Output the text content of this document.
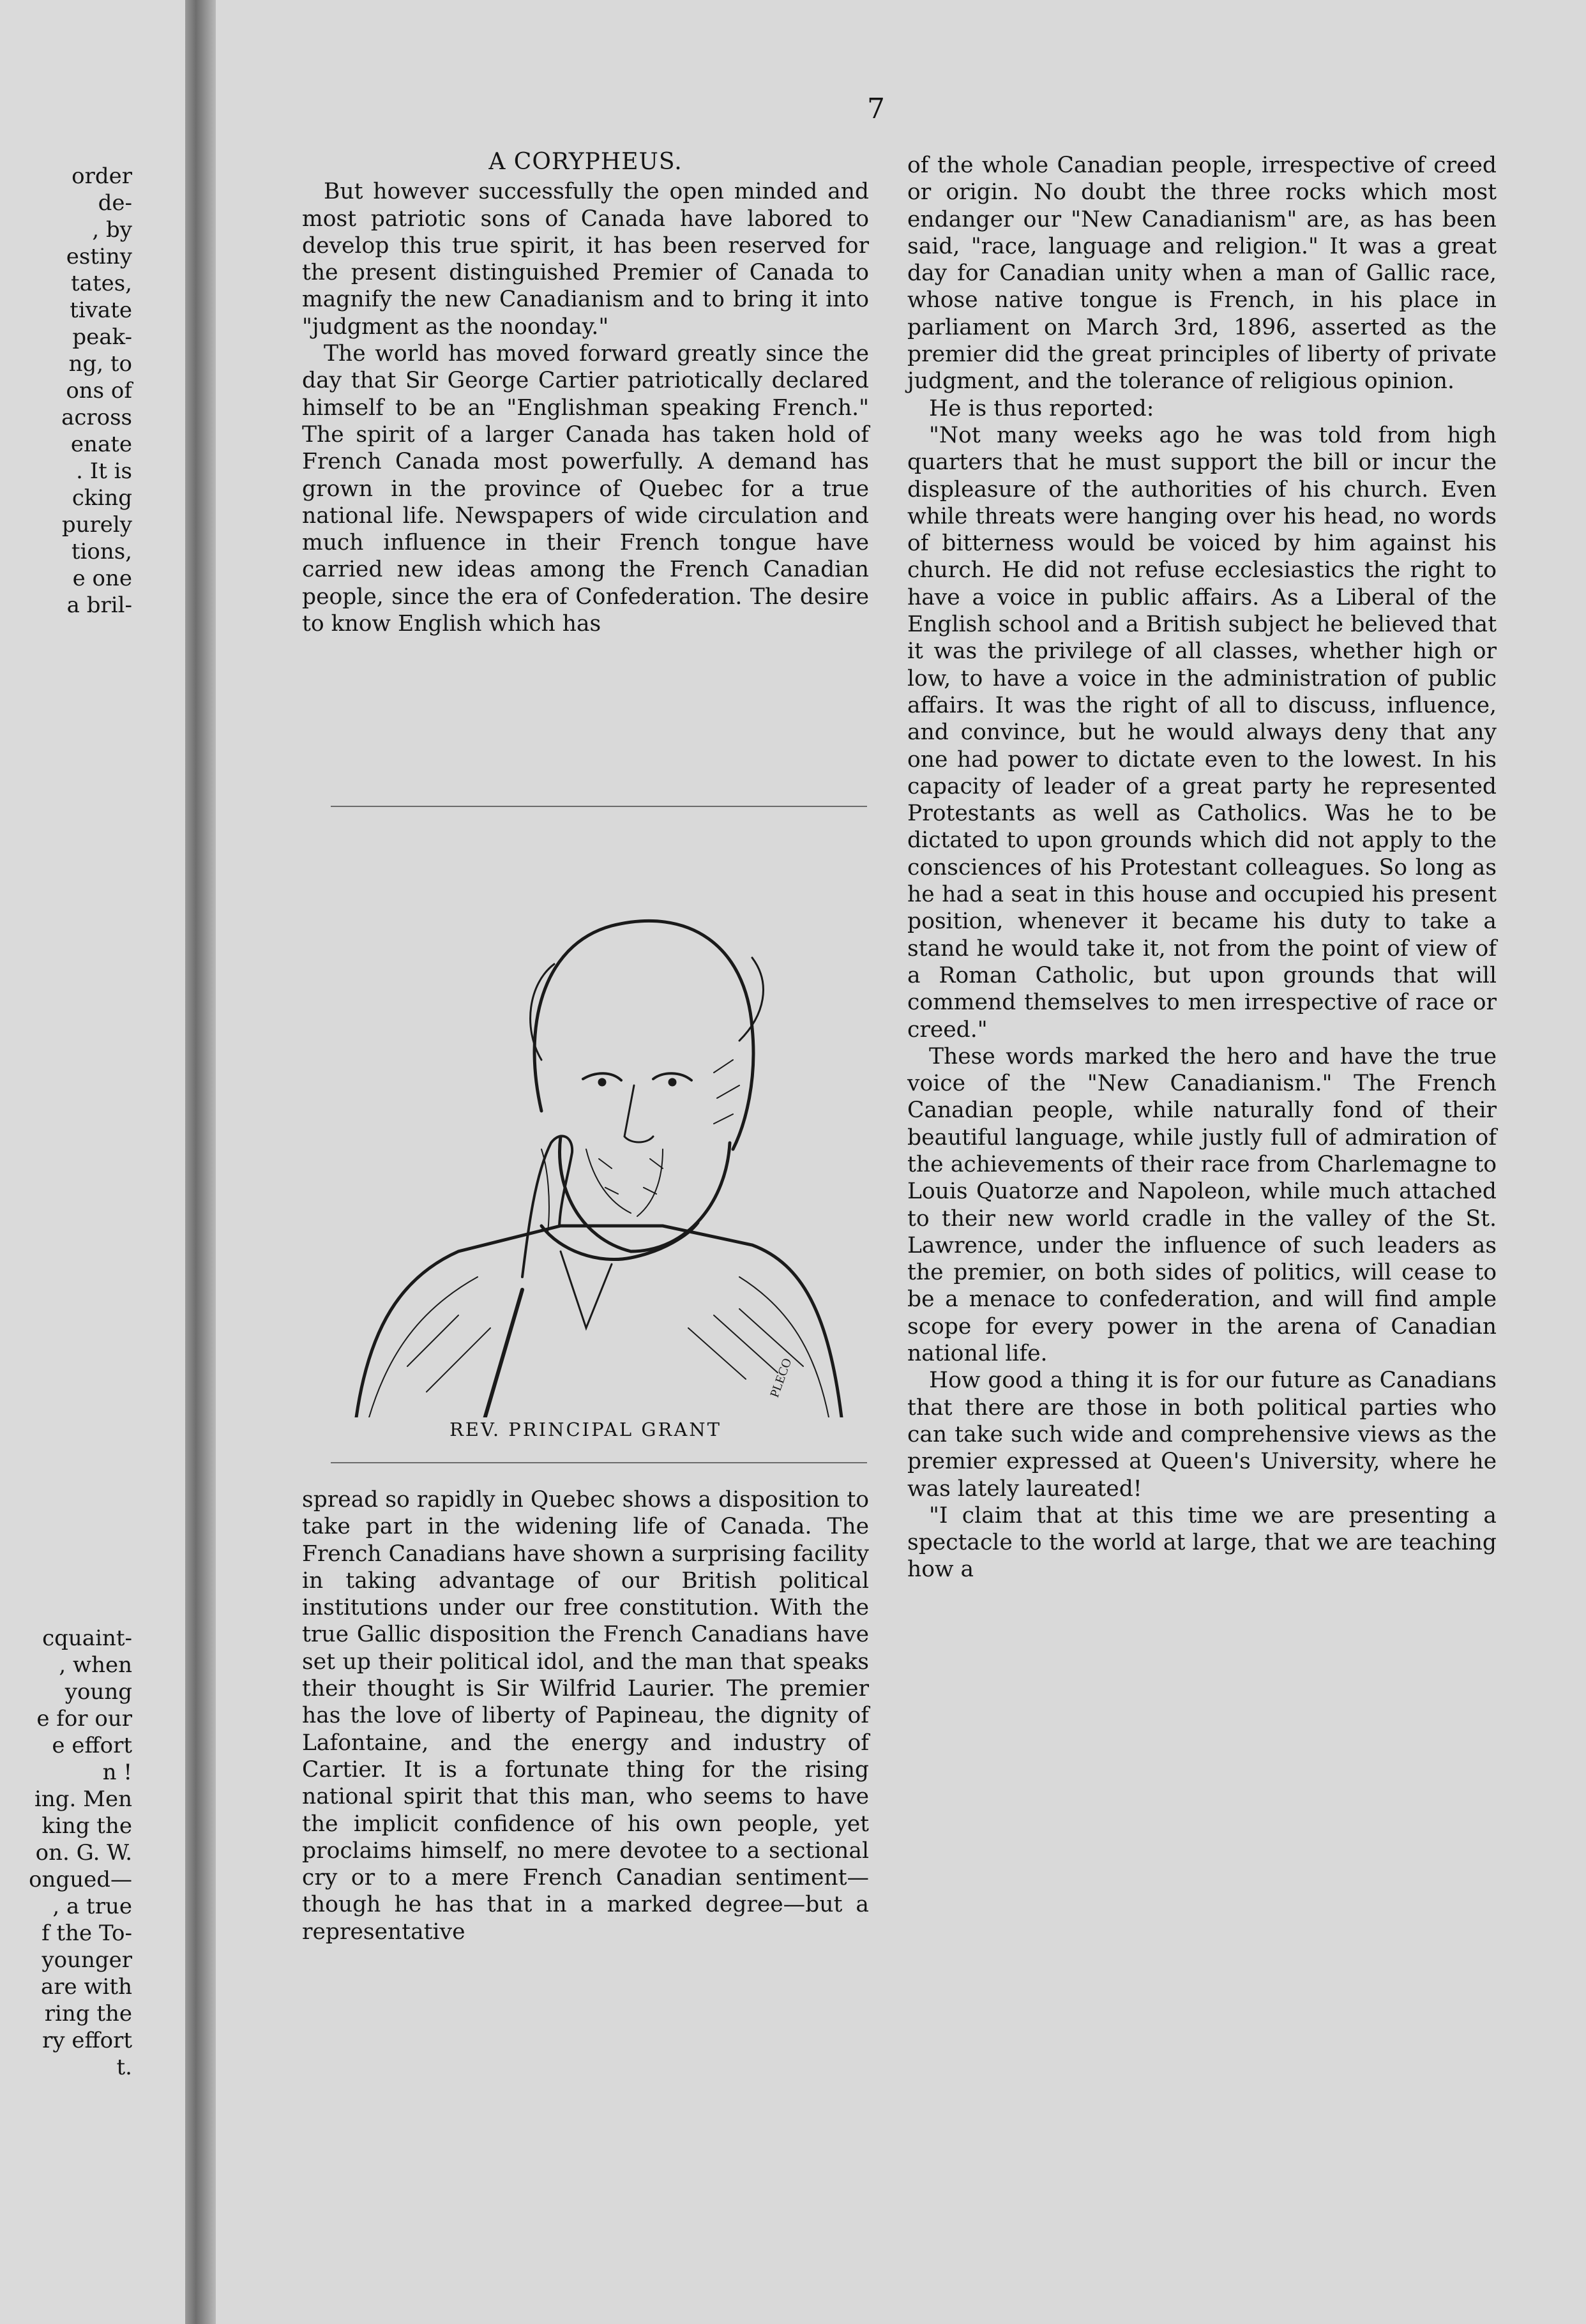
order
de-
, by
estiny
tates,
tivate
peak-
ng, to
ons of
across
enate
. It is
cking
purely
tions,
e one
a bril-
cquaint-
, when
young
e for our
e effort
n !
ing. Men
king the
on. G. W.
ongued—
, a true
f the To-
younger
are with
ring the
ry effort
t.
7
A CORYPHEUS.

But however successfully the open minded and most patriotic sons of Canada have labored to develop this true spirit, it has been reserved for the present distinguished Premier of Canada to magnify the new Canadianism and to bring it into "judgment as the noonday."

The world has moved forward greatly since the day that Sir George Cartier patriotically declared himself to be an "Englishman speaking French." The spirit of a larger Canada has taken hold of French Canada most powerfully. A demand has grown in the province of Quebec for a true national life. Newspapers of wide circulation and much influence in their French tongue have carried new ideas among the French Canadian people, since the era of Confederation. The desire to know English which has

PLECO
REV. PRINCIPAL GRANT

spread so rapidly in Quebec shows a disposition to take part in the widening life of Canada. The French Canadians have shown a surprising facility in taking advantage of our British political institutions under our free constitution. With the true Gallic disposition the French Canadians have set up their political idol, and the man that speaks their thought is Sir Wilfrid Laurier. The premier has the love of liberty of Papineau, the dignity of Lafontaine, and the energy and industry of Cartier. It is a fortunate thing for the rising national spirit that this man, who seems to have the implicit confidence of his own people, yet proclaims himself, no mere devotee to a sectional cry or to a mere French Canadian sentiment—though he has that in a marked degree—but a representative

of the whole Canadian people, irrespective of creed or origin. No doubt the three rocks which most endanger our "New Canadianism" are, as has been said, "race, language and religion." It was a great day for Canadian unity when a man of Gallic race, whose native tongue is French, in his place in parliament on March 3rd, 1896, asserted as the premier did the great principles of liberty of private judgment, and the tolerance of religious opinion.

He is thus reported:

"Not many weeks ago he was told from high quarters that he must support the bill or incur the displeasure of the authorities of his church. Even while threats were hanging over his head, no words of bitterness would be voiced by him against his church. He did not refuse ecclesiastics the right to have a voice in public affairs. As a Liberal of the English school and a British subject he believed that it was the privilege of all classes, whether high or low, to have a voice in the administration of public affairs. It was the right of all to discuss, influence, and convince, but he would always deny that any one had power to dictate even to the lowest. In his capacity of leader of a great party he represented Protestants as well as Catholics. Was he to be dictated to upon grounds which did not apply to the consciences of his Protestant colleagues. So long as he had a seat in this house and occupied his present position, whenever it became his duty to take a stand he would take it, not from the point of view of a Roman Catholic, but upon grounds that will commend themselves to men irrespective of race or creed."

These words marked the hero and have the true voice of the "New Canadianism." The French Canadian people, while naturally fond of their beautiful language, while justly full of admiration of the achievements of their race from Charlemagne to Louis Quatorze and Napoleon, while much attached to their new world cradle in the valley of the St. Lawrence, under the influence of such leaders as the premier, on both sides of politics, will cease to be a menace to confederation, and will find ample scope for every power in the arena of Canadian national life.

How good a thing it is for our future as Canadians that there are those in both political parties who can take such wide and comprehensive views as the premier expressed at Queen's University, where he was lately laureated!

"I claim that at this time we are presenting a spectacle to the world at large, that we are teaching how a
